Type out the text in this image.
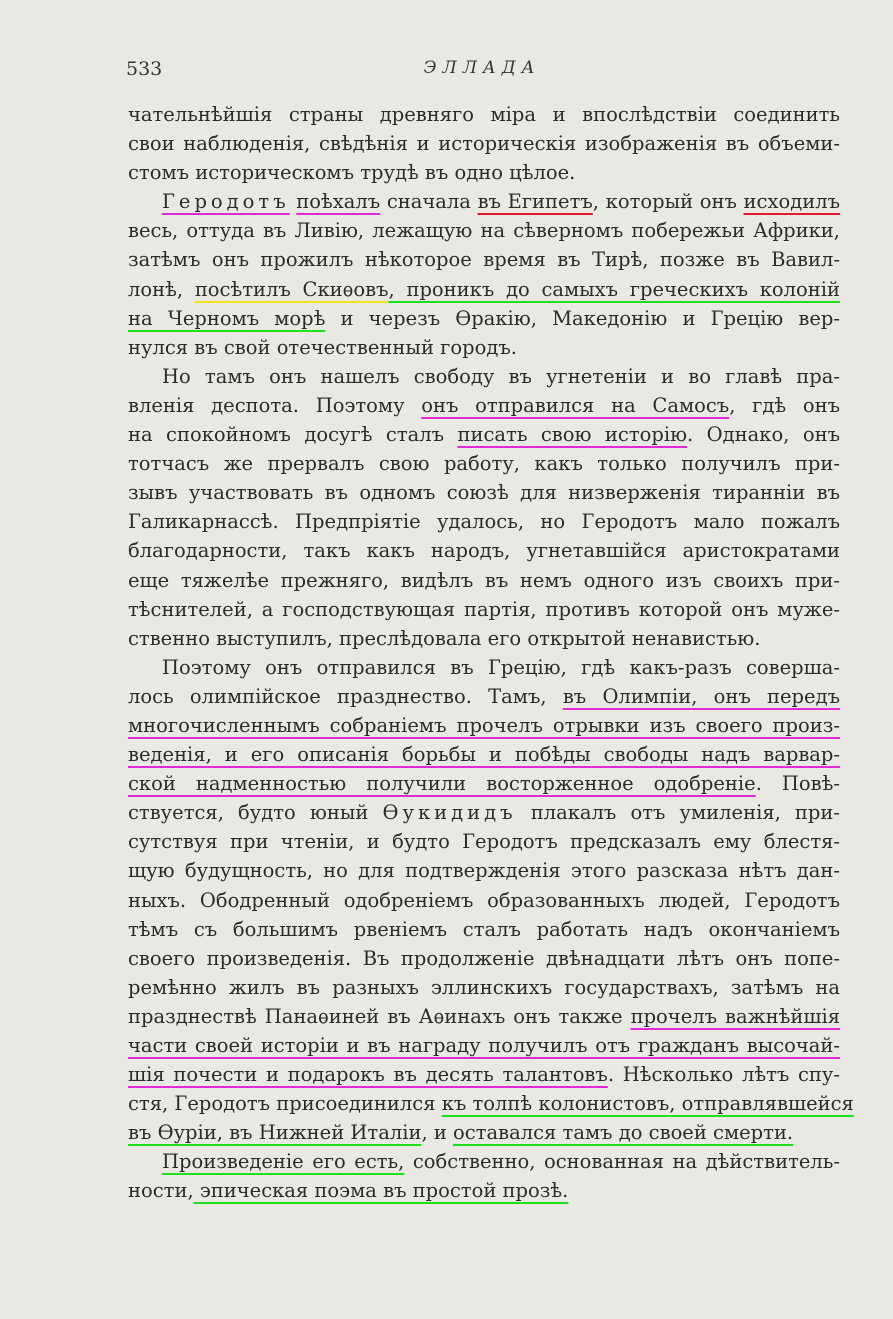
533	ЭЛЛАДА
чательнѣйшія страны древняго міра и впослѣдствіи соединить
свои наблюденія, свѣдѣнія и историческія изображенія въ объеми-
стомъ историческомъ трудѣ въ одно цѣлое.
Геродотъ поѣхалъ сначала въ Египетъ, который онъ исходилъ
весь, оттуда въ Ливію, лежащую на сѣверномъ побережьи Африки,
затѣмъ онъ прожилъ нѣкоторое время въ Тирѣ, позже въ Вавил-
лонѣ, посѣтилъ Скиѳовъ, проникъ до самыхъ греческихъ колоній
на Черномъ морѣ и черезъ Ѳракію, Македонію и Грецію вер-
нулся въ свой отечественный городъ.
Но тамъ онъ нашелъ свободу въ угнетеніи и во главѣ пра-
вленія деспота. Поэтому онъ отправился на Самосъ, гдѣ онъ
на спокойномъ досугѣ сталъ писать свою исторію. Однако, онъ
тотчасъ же прервалъ свою работу, какъ только получилъ при-
зывъ участвовать въ одномъ союзѣ для низверженія тиранніи въ
Галикарнассѣ. Предпріятіе удалось, но Геродотъ мало пожалъ
благодарности, такъ какъ народъ, угнетавшійся аристократами
еще тяжелѣе прежняго, видѣлъ въ немъ одного изъ своихъ при-
тѣснителей, а господствующая партія, противъ которой онъ муже-
ственно выступилъ, преслѣдовала его открытой ненавистью.
Поэтому онъ отправился въ Грецію, гдѣ какъ-разъ совершa-
лось олимпійское празднество. Тамъ, въ Олимпіи, онъ передъ
многочисленнымъ собраніемъ прочелъ отрывки изъ своего произ-
веденія, и его описанія борьбы и побѣды свободы надъ варвар-
ской надменностью получили восторженное одобреніе. Повѣ-
ствуется, будто юный Ѳукидидъ плакалъ отъ умиленія, при-
сутствуя при чтеніи, и будто Геродотъ предсказалъ ему блестя-
щую будущность, но для подтвержденія этого разсказа нѣтъ дан-
ныхъ. Ободренный одобреніемъ образованныхъ людей, Геродотъ
тѣмъ съ большимъ рвеніемъ сталъ работать надъ окончаніемъ
своего произведенія. Въ продолженіе двѣнадцати лѣтъ онъ попе-
ремѣнно жилъ въ разныхъ эллинскихъ государствахъ, затѣмъ на
празднествѣ Панаѳиней въ Аѳинахъ онъ также прочелъ важнѣйшія
части своей исторіи и въ награду получилъ отъ гражданъ высочай-
шія почести и подарокъ въ десять талантовъ. Нѣсколько лѣтъ спу-
стя, Геродотъ присоединился къ толпѣ колонистовъ, отправлявшейся
въ Ѳуріи, въ Нижней Италіи, и оставался тамъ до своей смерти.
Произведеніе его есть, собственно, основанная на дѣйствитель-
ности, эпическая поэма въ простой прозѣ.
